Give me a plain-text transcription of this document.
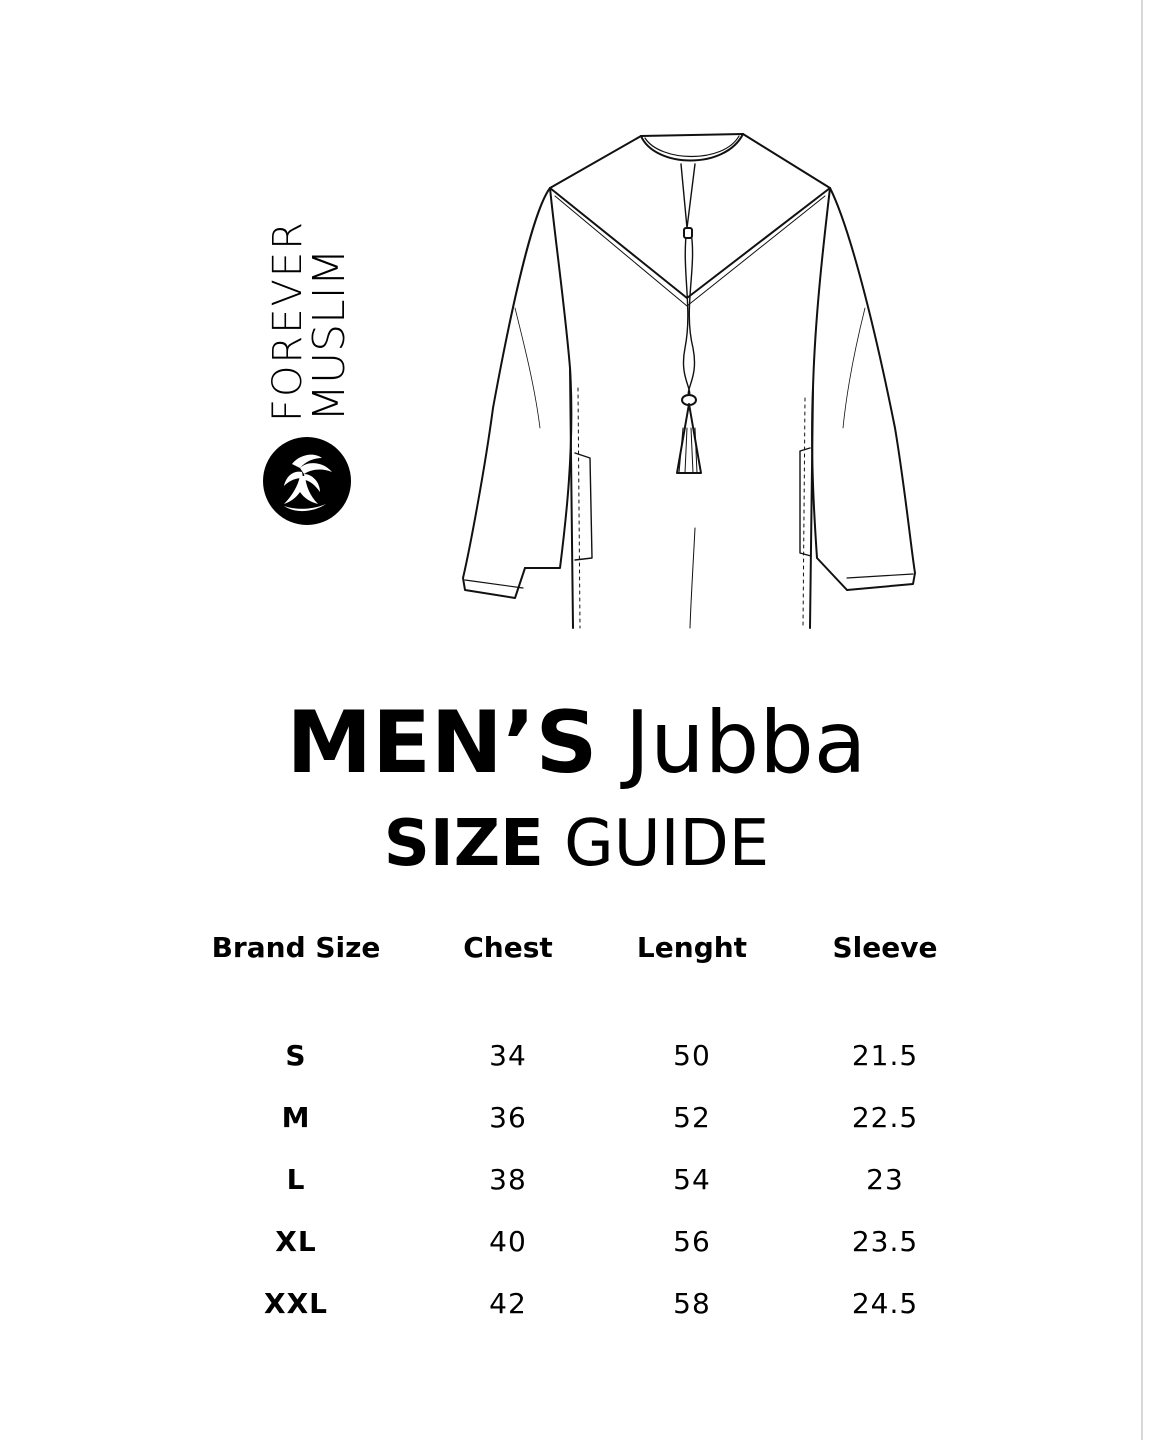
FOREVER
MUSLIM
MEN’S Jubba
SIZE GUIDE
Brand Size	Chest	Lenght	Sleeve
S	34	50	21.5
M	36	52	22.5
L	38	54	23
XL	40	56	23.5
XXL	42	58	24.5
